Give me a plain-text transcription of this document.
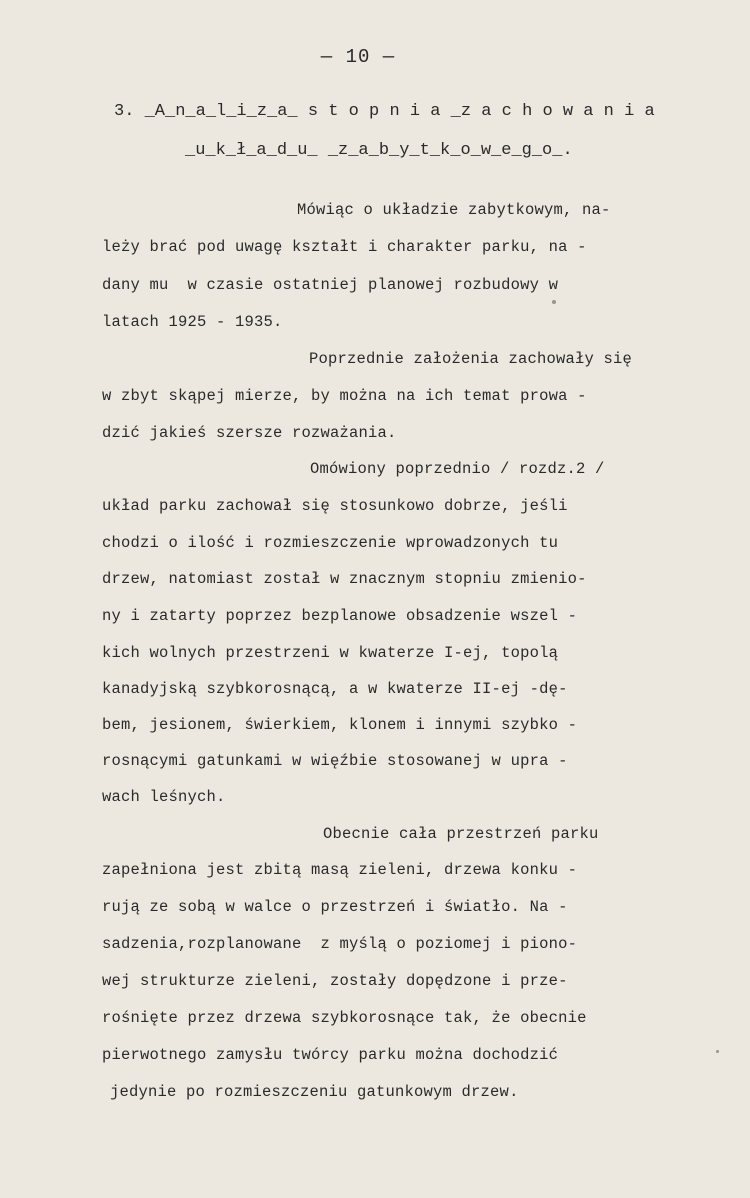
— 10 —
3. _A_n_a_l_i_z_a_ s t o p n i a _z a c h o w a n i a
_u_k_ł_a_d_u_ _z_a_b_y_t_k_o_w_e_g_o_.
Mówiąc o układzie zabytkowym, na-
leży brać pod uwagę kształt i charakter parku, na -
dany mu  w czasie ostatniej planowej rozbudowy w
latach 1925 - 1935.
Poprzednie założenia zachowały się
w zbyt skąpej mierze, by można na ich temat prowa -
dzić jakieś szersze rozważania.
Omówiony poprzednio / rozdz.2 /
układ parku zachował się stosunkowo dobrze, jeśli
chodzi o ilość i rozmieszczenie wprowadzonych tu
drzew, natomiast został w znacznym stopniu zmienio-
ny i zatarty poprzez bezplanowe obsadzenie wszel -
kich wolnych przestrzeni w kwaterze I-ej, topolą
kanadyjską szybkorosnącą, a w kwaterze II-ej -dę-
bem, jesionem, świerkiem, klonem i innymi szybko -
rosnącymi gatunkami w więźbie stosowanej w upra -
wach leśnych.
Obecnie cała przestrzeń parku
zapełniona jest zbitą masą zieleni, drzewa konku -
rują ze sobą w walce o przestrzeń i światło. Na -
sadzenia,rozplanowane  z myślą o poziomej i piono-
wej strukturze zieleni, zostały dopędzone i prze-
rośnięte przez drzewa szybkorosnące tak, że obecnie
pierwotnego zamysłu twórcy parku można dochodzić
jedynie po rozmieszczeniu gatunkowym drzew.
